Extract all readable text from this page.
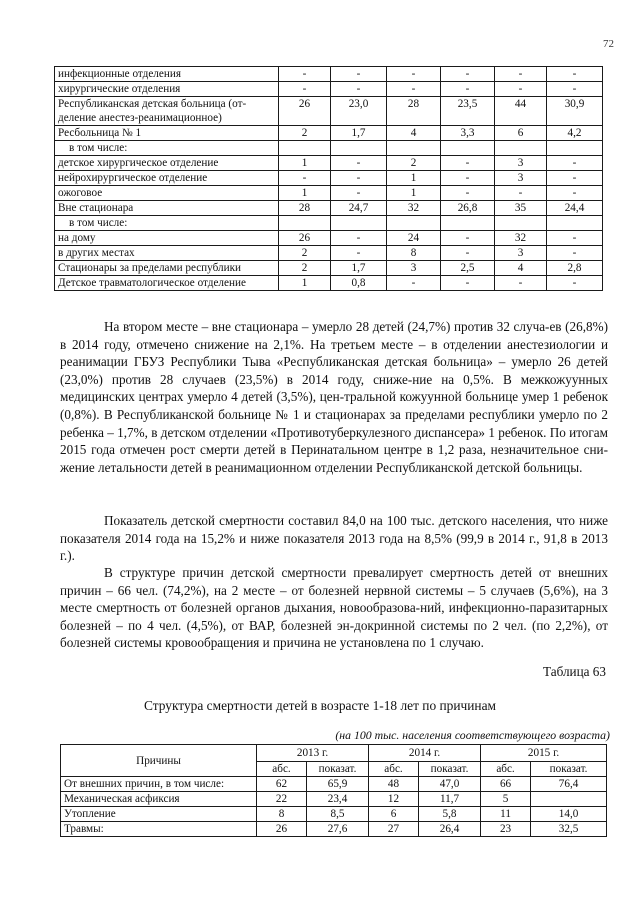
72
инфекционные отделения	-	-	-	-	-	-
хирургические отделения	-	-	-	-	-	-
Республиканская детская больница (от-деление анестез-реанимационное)	26	23,0	28	23,5	44	30,9
Ресбольница № 1	2	1,7	4	3,3	6	4,2
в том числе:						
детское хирургическое отделение	1	-	2	-	3	-
нейрохирургическое отделение	-	-	1	-	3	-
ожоговое	1	-	1	-	-	-
Вне стационара	28	24,7	32	26,8	35	24,4
в том числе:						
на дому	26	-	24	-	32	-
в других местах	2	-	8	-	3	-
Стационары за пределами республики	2	1,7	3	2,5	4	2,8
Детское травматологическое отделение	1	0,8	-	-	-	-

На втором месте – вне стационара – умерло 28 детей (24,7%) против 32 случа-ев (26,8%) в 2014 году, отмечено снижение на 2,1%. На третьем месте – в отделении анестезиологии и реанимации ГБУЗ Республики Тыва «Республиканская детская больница» – умерло 26 детей (23,0%) против 28 случаев (23,5%) в 2014 году, сниже-ние на 0,5%. В межкожуунных медицинских центрах умерло 4 детей (3,5%), цен-тральной кожуунной больнице умер 1 ребенок (0,8%). В Республиканской больнице № 1 и стационарах за пределами республики умерло по 2 ребенка – 1,7%, в детском отделении «Противотуберкулезного диспансера» 1 ребенок. По итогам 2015 года отмечен рост смерти детей в Перинатальном центре в 1,2 раза, незначительное сни-жение летальности детей в реанимационном отделении Республиканской детской больницы.

Показатель детской смертности составил 84,0 на 100 тыс. детского населения, что ниже показателя 2014 года на 15,2% и ниже показателя 2013 года на 8,5% (99,9 в 2014 г., 91,8 в 2013 г.).

В структуре причин детской смертности превалирует смертность детей от внешних причин – 66 чел. (74,2%), на 2 месте – от болезней нервной системы – 5 случаев (5,6%), на 3 месте смертность от болезней органов дыхания, новообразова-ний, инфекционно-паразитарных болезней – по 4 чел. (4,5%), от ВАР, болезней эн-докринной системы по 2 чел. (по 2,2%), от болезней системы кровообращения и причина не установлена по 1 случаю.

Таблица 63
Структура смертности детей в возрасте 1-18 лет по причинам
(на 100 тыс. населения соответствующего возраста)
Причины	2013 г.		2014 г.		2015 г.	
	абс.	показат.	абс.	показат.	абс.	показат.
От внешних причин, в том числе:	62	65,9	48	47,0	66	76,4
Механическая асфиксия	22	23,4	12	11,7	5	
Утопление	8	8,5	6	5,8	11	14,0
Травмы:	26	27,6	27	26,4	23	32,5
